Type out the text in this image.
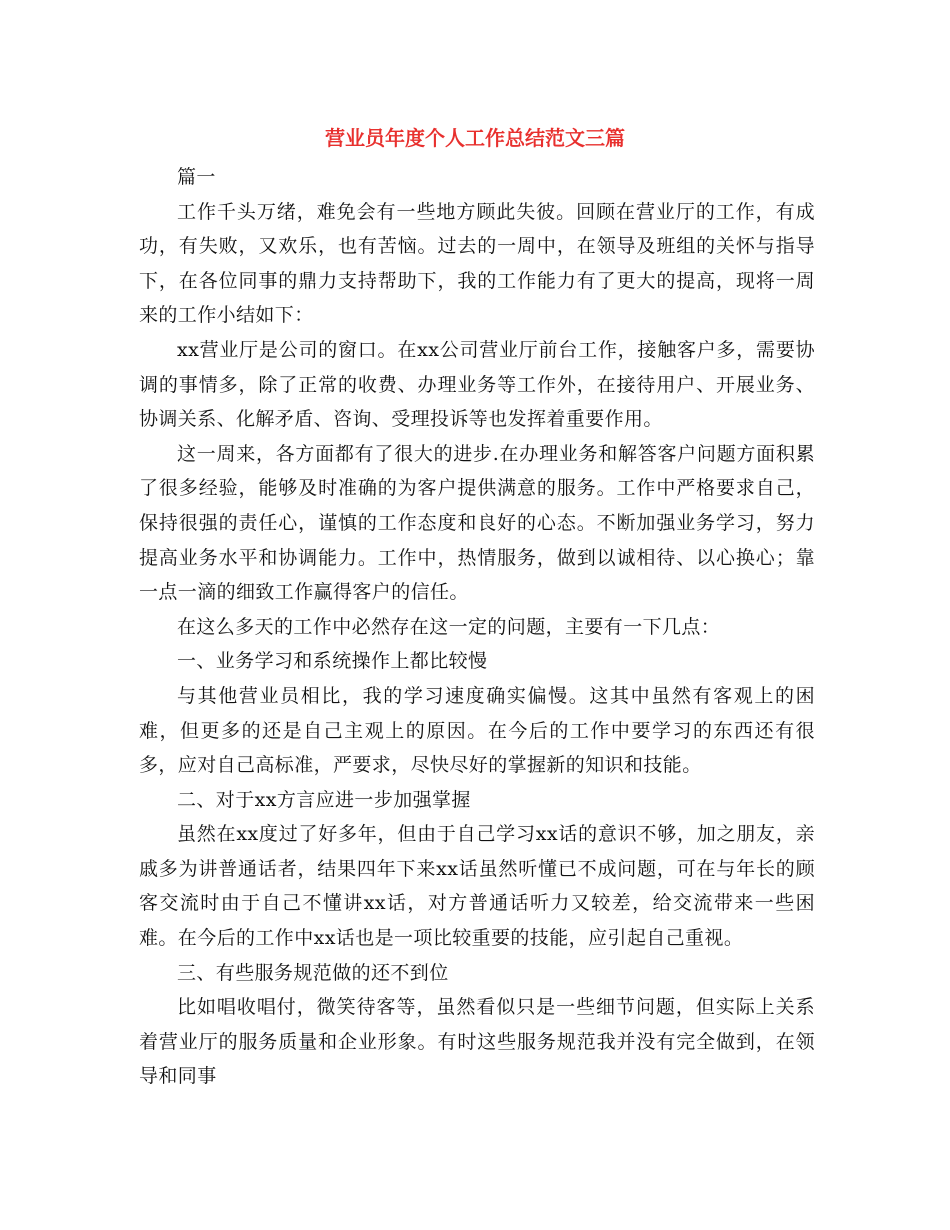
营业员年度个人工作总结范文三篇

篇一

工作千头万绪，难免会有一些地方顾此失彼。回顾在营业厅的工作，有成功，有失败，又欢乐，也有苦恼。过去的一周中，在领导及班组的关怀与指导下，在各位同事的鼎力支持帮助下，我的工作能力有了更大的提高，现将一周来的工作小结如下：

xx营业厅是公司的窗口。在xx公司营业厅前台工作，接触客户多，需要协调的事情多，除了正常的收费、办理业务等工作外，在接待用户、开展业务、协调关系、化解矛盾、咨询、受理投诉等也发挥着重要作用。

这一周来，各方面都有了很大的进步.在办理业务和解答客户问题方面积累了很多经验，能够及时准确的为客户提供满意的服务。工作中严格要求自己，保持很强的责任心，谨慎的工作态度和良好的心态。不断加强业务学习，努力提高业务水平和协调能力。工作中，热情服务，做到以诚相待、以心换心；靠一点一滴的细致工作赢得客户的信任。

在这么多天的工作中必然存在这一定的问题，主要有一下几点：

一、业务学习和系统操作上都比较慢

与其他营业员相比，我的学习速度确实偏慢。这其中虽然有客观上的困难，但更多的还是自己主观上的原因。在今后的工作中要学习的东西还有很多，应对自己高标准，严要求，尽快尽好的掌握新的知识和技能。

二、对于xx方言应进一步加强掌握

虽然在xx度过了好多年，但由于自己学习xx话的意识不够，加之朋友，亲戚多为讲普通话者，结果四年下来xx话虽然听懂已不成问题，可在与年长的顾客交流时由于自己不懂讲xx话，对方普通话听力又较差，给交流带来一些困难。在今后的工作中xx话也是一项比较重要的技能，应引起自己重视。

三、有些服务规范做的还不到位

比如唱收唱付，微笑待客等，虽然看似只是一些细节问题，但实际上关系着营业厅的服务质量和企业形象。有时这些服务规范我并没有完全做到，在领导和同事
